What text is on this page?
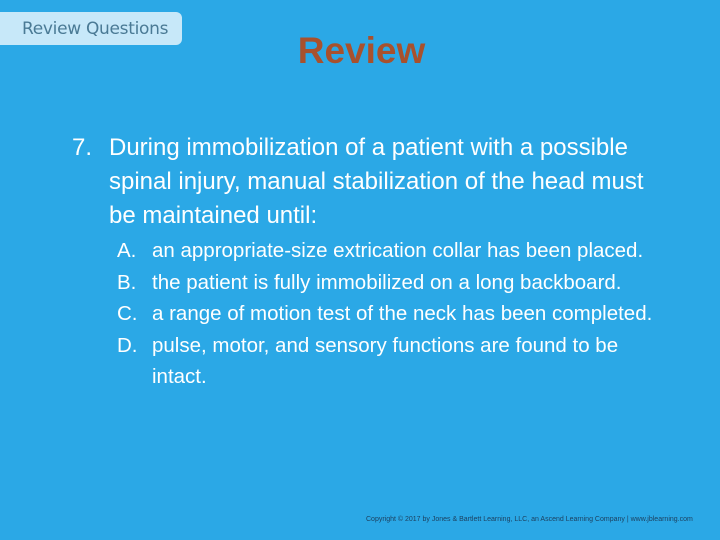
Review Questions
Review
7. During immobilization of a patient with a possible spinal injury, manual stabilization of the head must be maintained until:
A. an appropriate-size extrication collar has been placed.
B. the patient is fully immobilized on a long backboard.
C. a range of motion test of the neck has been completed.
D. pulse, motor, and sensory functions are found to be intact.
Copyright © 2017 by Jones & Bartlett Learning, LLC, an Ascend Learning Company | www.jblearning.com
